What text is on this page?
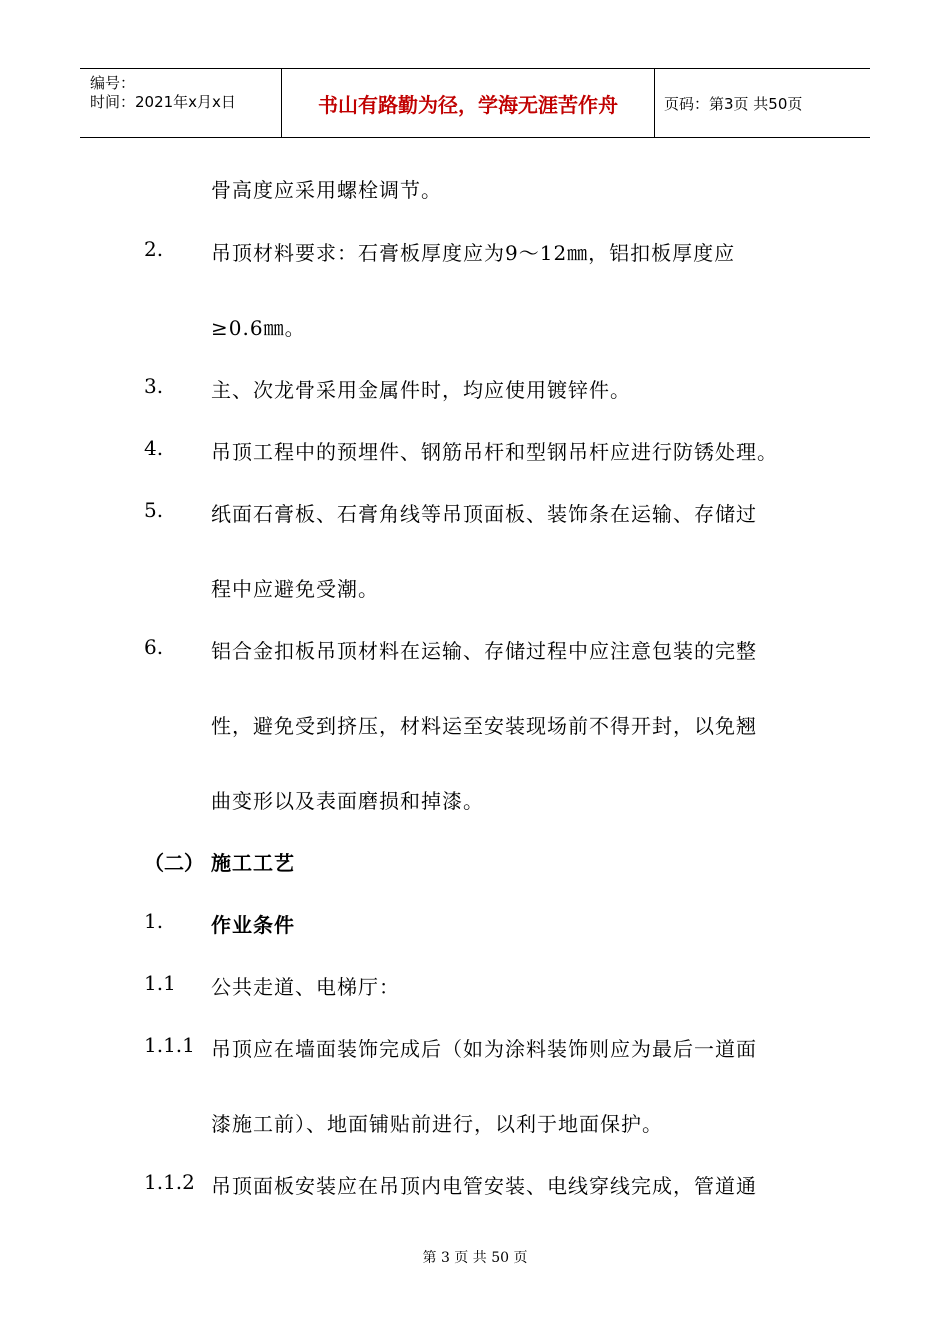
编号：
时间：2021年x月x日	书山有路勤为径，学海无涯苦作舟	页码：第3页 共50页
骨高度应采用螺栓调节。
2. 吊顶材料要求：石膏板厚度应为9～12㎜，铝扣板厚度应
≥0.6㎜。
3. 主、次龙骨采用金属件时，均应使用镀锌件。
4. 吊顶工程中的预埋件、钢筋吊杆和型钢吊杆应进行防锈处理。
5. 纸面石膏板、石膏角线等吊顶面板、装饰条在运输、存储过
程中应避免受潮。
6. 铝合金扣板吊顶材料在运输、存储过程中应注意包装的完整
性，避免受到挤压，材料运至安装现场前不得开封，以免翘
曲变形以及表面磨损和掉漆。
（二） 施工工艺
1. 作业条件
1.1 公共走道、电梯厅：
1.1.1 吊顶应在墙面装饰完成后（如为涂料装饰则应为最后一道面
漆施工前）、地面铺贴前进行，以利于地面保护。
1.1.2 吊顶面板安装应在吊顶内电管安装、电线穿线完成，管道通
第 3 页 共 50 页
